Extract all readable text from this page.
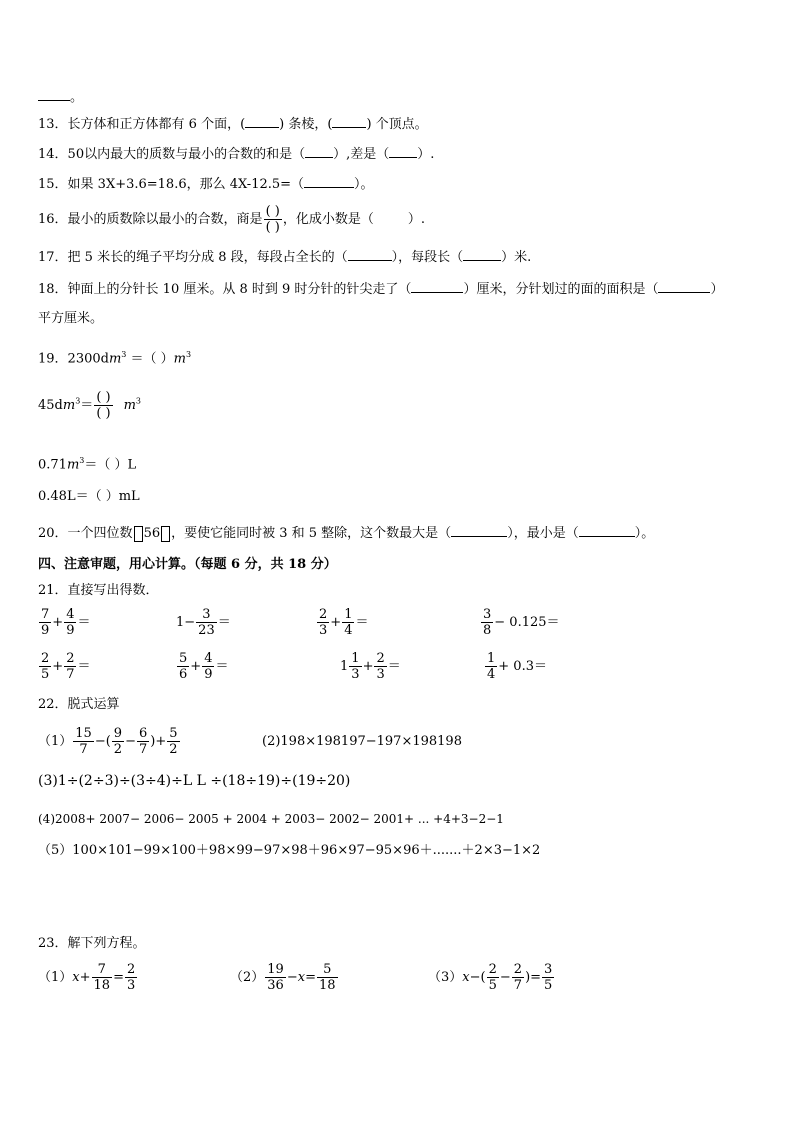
。
13．长方体和正方体都有 6 个面，(	) 条棱，(	) 个顶点。
14．50以内最大的质数与最小的合数的和是（ ）,差是（ ）.
15．如果 3X+3.6=18.6，那么 4X-12.5=（	）。
16．最小的质数除以最小的合数，商是 $\frac{( )}{( )}$ ，化成小数是（	）.
17．把 5 米长的绳子平均分成 8 段，每段占全长的（	），每段长（	）米.
18．钟面上的分针长 10 厘米。从 8 时到 9 时分针的针尖走了（	）厘米，分针划过的面的面积是（	）
平方厘米。
19．$2300dm^3$ ＝（ ）$m^3$
$45dm^3= \frac{( )}{( )} m^3$
$0.71m^3=$（ ）L
0.48L＝（ ）mL
20．一个四位数 56 ，要使它能同时被 3 和 5 整除，这个数最大是（	），最小是（	）。
四、注意审题，用心计算。（每题 6 分，共 18 分）
21．直接写出得数．
$\frac{7}{9} + \frac{4}{9}$ ＝	$1- \frac{3}{23}$ ＝	$\frac{2}{3} + \frac{1}{4}$ ＝	$\frac{3}{8} - 0.125=$
$\frac{2}{5} + \frac{2}{7}$ ＝	$\frac{5}{6} + \frac{4}{9}$ ＝	$1 \frac{1}{3} + \frac{2}{3}$ ＝	$\frac{1}{4} + 0.3=$
22．脱式运算
$(1) \frac{15}{7}$ −( $\frac{9}{2} - \frac{6}{7}$ )+ $\frac{5}{2}$	(2)198×198197−197×198198
(3)1÷(2÷3)÷(3÷4)÷L L ÷(18÷19)÷(19÷20)
(4)2008+ 2007− 2006− 2005 + 2004 + 2003− 2002− 2001+ ... +4+3−2−1
（5）100×101−99×100＋98×99−97×98＋96×97−95×96＋.......＋2×3−1×2
23．解下列方程。
$(1)x+ \frac{7}{18} = \frac{2}{3}$	$(2) \frac{19}{36} -x= \frac{5}{18}$	$(3)x-( \frac{2}{5} - \frac{2}{7}$ )= $\frac{3}{5}$
